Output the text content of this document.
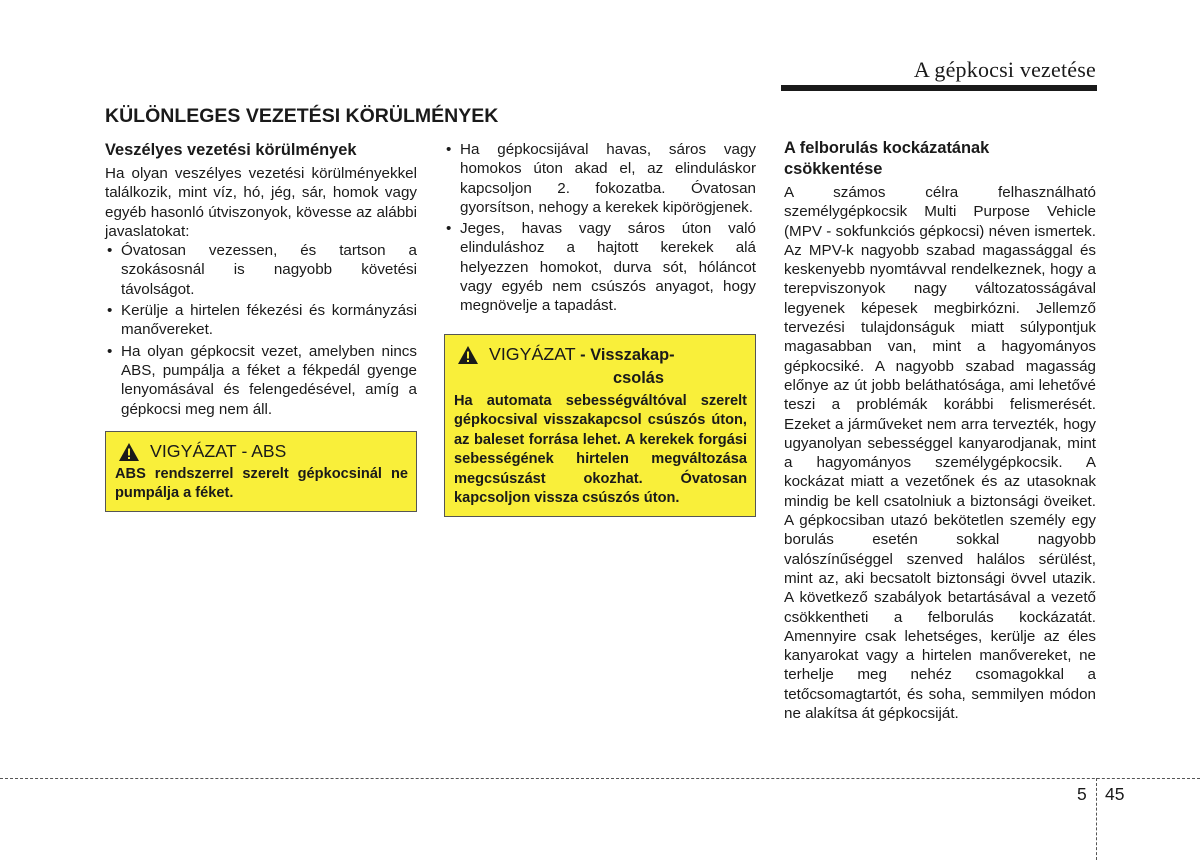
A gépkocsi vezetése
KÜLÖNLEGES VEZETÉSI KÖRÜLMÉNYEK
Veszélyes vezetési körülmények

Ha olyan veszélyes vezetési körülményekkel találkozik, mint víz, hó, jég, sár, homok vagy egyéb hasonló útviszonyok, kövesse az alábbi javaslatokat:

• Óvatosan vezessen, és tartson a szokásosnál is nagyobb követési távolságot.
• Kerülje a hirtelen fékezési és kormányzási manővereket.
• Ha olyan gépkocsit vezet, amelyben nincs ABS, pumpálja a féket a fékpedál gyenge lenyomásával és felengedésével, amíg a gépkocsi meg nem áll.
VIGYÁZAT - ABS

ABS rendszerrel szerelt gépkocsinál ne pumpálja a féket.

• Ha gépkocsijával havas, sáros vagy homokos úton akad el, az elinduláskor kapcsoljon 2. fokozatba. Óvatosan gyorsítson, nehogy a kerekek kipörögjenek.
• Jeges, havas vagy sáros úton való elinduláshoz a hajtott kerekek alá helyezzen homokot, durva sót, hóláncot vagy egyéb nem csúszós anyagot, hogy megnövelje a tapadást.
VIGYÁZAT - Visszakap-
csolás

Ha automata sebességváltóval szerelt gépkocsival visszakapcsol csúszós úton, az baleset forrása lehet. A kerekek forgási sebességének hirtelen megváltozása megcsúszást okozhat. Óvatosan kapcsoljon vissza csúszós úton.

A felborulás kockázatának
csökkentése

A számos célra felhasználható személygépkocsik Multi Purpose Vehicle (MPV - sokfunkciós gépkocsi) néven ismertek. Az MPV-k nagyobb szabad magassággal és keskenyebb nyomtávval rendelkeznek, hogy a terepviszonyok nagy változatosságával legyenek képesek megbirkózni. Jellemző tervezési tulajdonságuk miatt súlypontjuk magasabban van, mint a hagyományos gépkocsiké. A nagyobb szabad magasság előnye az út jobb beláthatósága, ami lehetővé teszi a problémák korábbi felismerését. Ezeket a járműveket nem arra tervezték, hogy ugyanolyan sebességgel kanyarodjanak, mint a hagyományos személygépkocsik. A kockázat miatt a vezetőnek és az utasoknak mindig be kell csatolniuk a biztonsági öveiket. A gépkocsiban utazó bekötetlen személy egy borulás esetén sokkal nagyobb valószínűséggel szenved halálos sérülést, mint az, aki becsatolt biztonsági övvel utazik. A következő szabályok betartásával a vezető csökkentheti a felborulás kockázatát. Amennyire csak lehetséges, kerülje az éles kanyarokat vagy a hirtelen manővereket, ne terhelje meg nehéz csomagokkal a tetőcsomagtartót, és soha, semmilyen módon ne alakítsa át gépkocsiját.

5 45
